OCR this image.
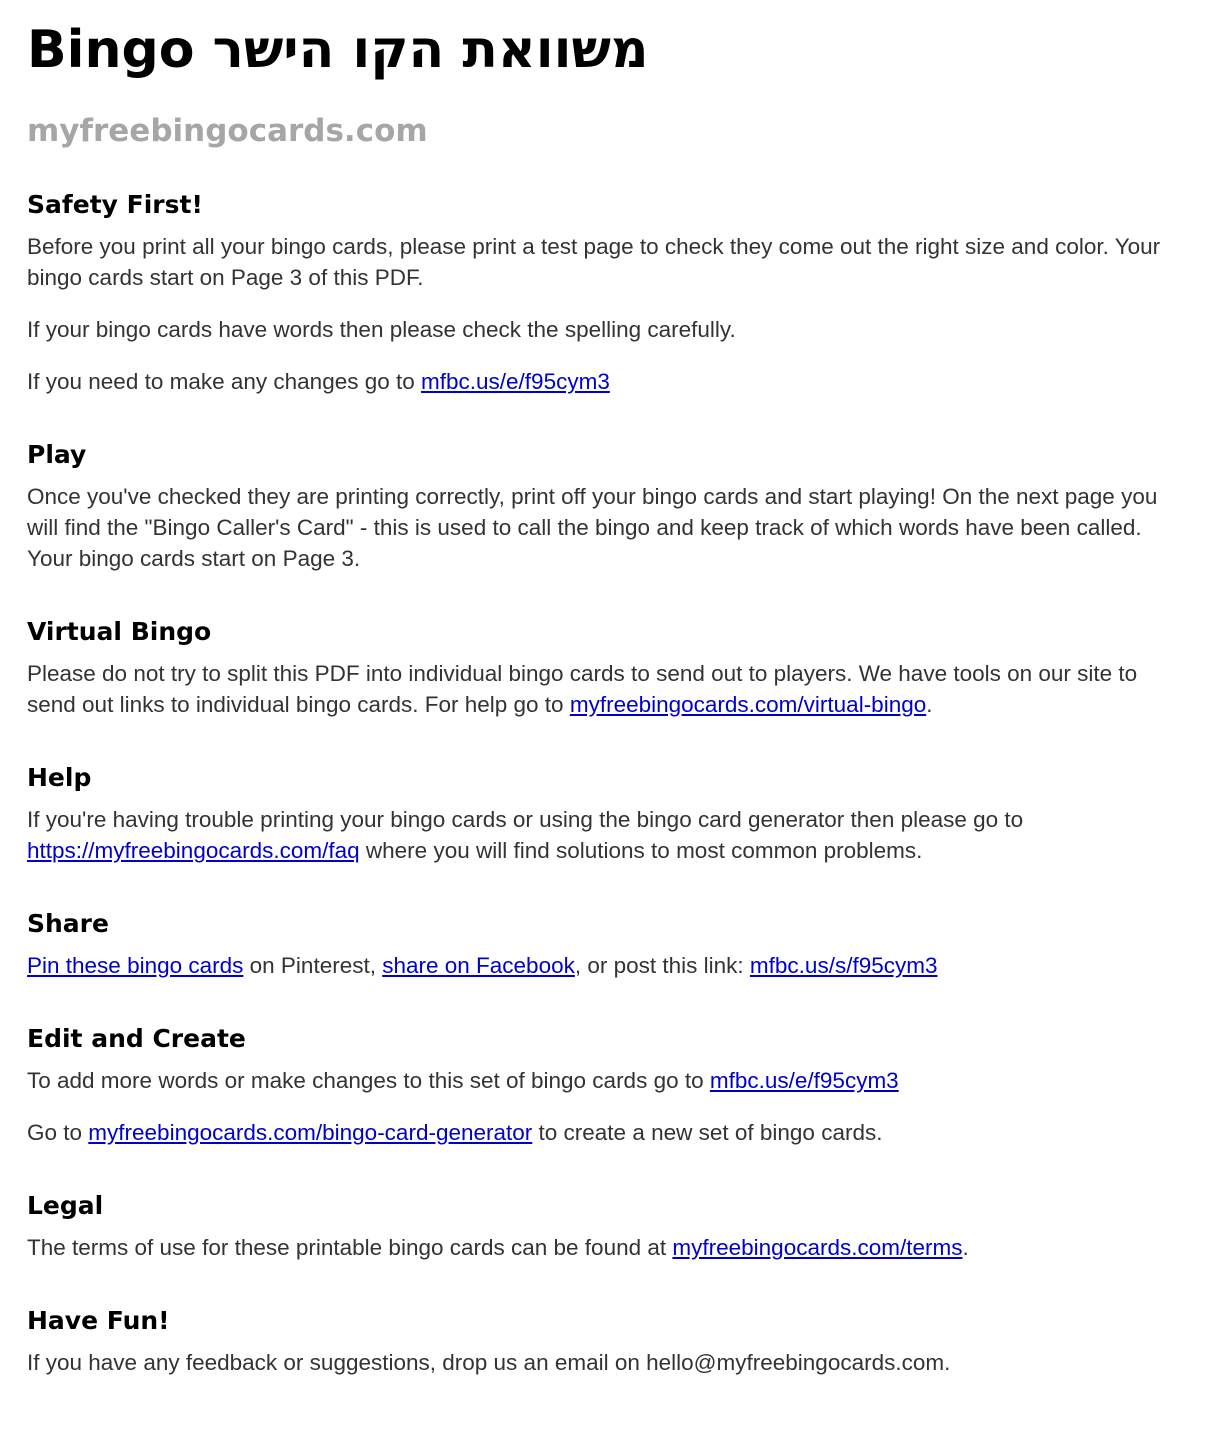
Bingo משוואת הקו הישר
myfreebingocards.com
Safety First!

Before you print all your bingo cards, please print a test page to check they come out the right size and color. Your bingo cards start on Page 3 of this PDF.

If your bingo cards have words then please check the spelling carefully.

If you need to make any changes go to mfbc.us/e/f95cym3

Play

Once you've checked they are printing correctly, print off your bingo cards and start playing! On the next page you will find the "Bingo Caller's Card" - this is used to call the bingo and keep track of which words have been called. Your bingo cards start on Page 3.

Virtual Bingo

Please do not try to split this PDF into individual bingo cards to send out to players. We have tools on our site to send out links to individual bingo cards. For help go to myfreebingocards.com/virtual-bingo.

Help

If you're having trouble printing your bingo cards or using the bingo card generator then please go to https://myfreebingocards.com/faq where you will find solutions to most common problems.

Share

Pin these bingo cards on Pinterest, share on Facebook, or post this link: mfbc.us/s/f95cym3

Edit and Create

To add more words or make changes to this set of bingo cards go to mfbc.us/e/f95cym3

Go to myfreebingocards.com/bingo-card-generator to create a new set of bingo cards.

Legal

The terms of use for these printable bingo cards can be found at myfreebingocards.com/terms.

Have Fun!

If you have any feedback or suggestions, drop us an email on hello@myfreebingocards.com.
